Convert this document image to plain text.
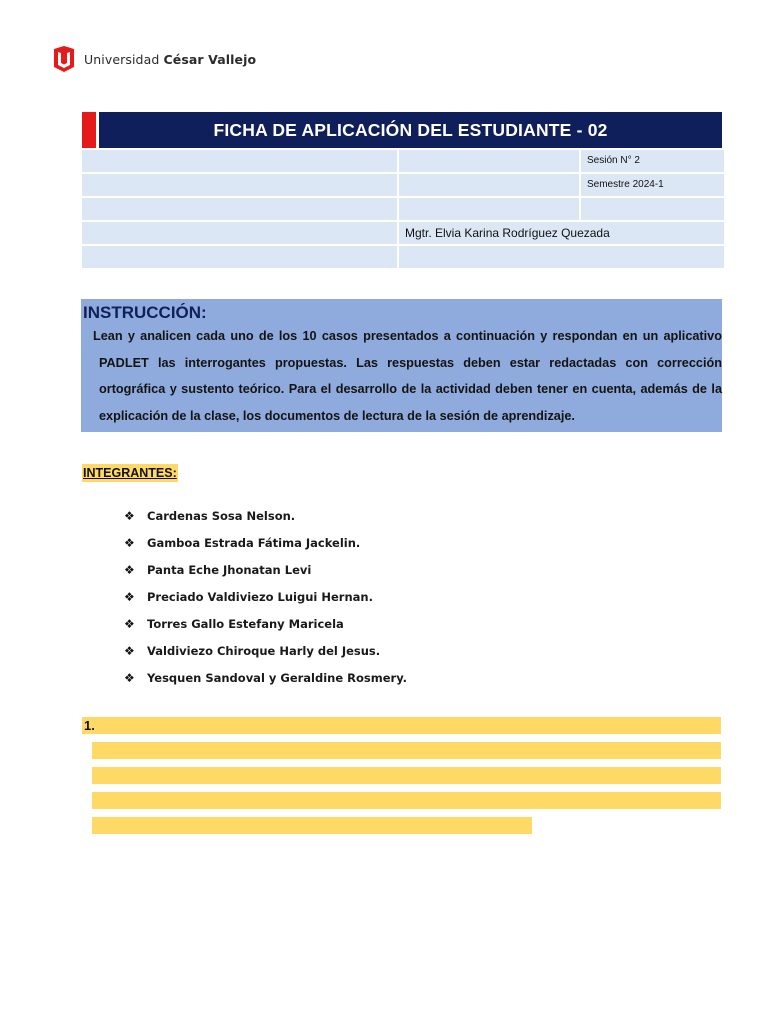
Universidad César Vallejo
FICHA DE APLICACIÓN DEL ESTUDIANTE - 02
Sesión N° 2
Semestre 2024-1
Mgtr. Elvia Karina Rodríguez Quezada
INSTRUCCIÓN:
Lean y analicen cada uno de los 10 casos presentados a continuación y respondan en un aplicativo PADLET las interrogantes propuestas. Las respuestas deben estar redactadas con corrección ortográfica y sustento teórico. Para el desarrollo de la actividad deben tener en cuenta, además de la explicación de la clase, los documentos de lectura de la sesión de aprendizaje.
INTEGRANTES:
❖ Cardenas Sosa Nelson.
❖ Gamboa Estrada Fátima Jackelin.
❖ Panta Eche Jhonatan Levi
❖ Preciado Valdiviezo Luigui Hernan.
❖ Torres Gallo Estefany Maricela
❖ Valdiviezo Chiroque Harly del Jesus.
❖ Yesquen Sandoval y Geraldine Rosmery.
1.
